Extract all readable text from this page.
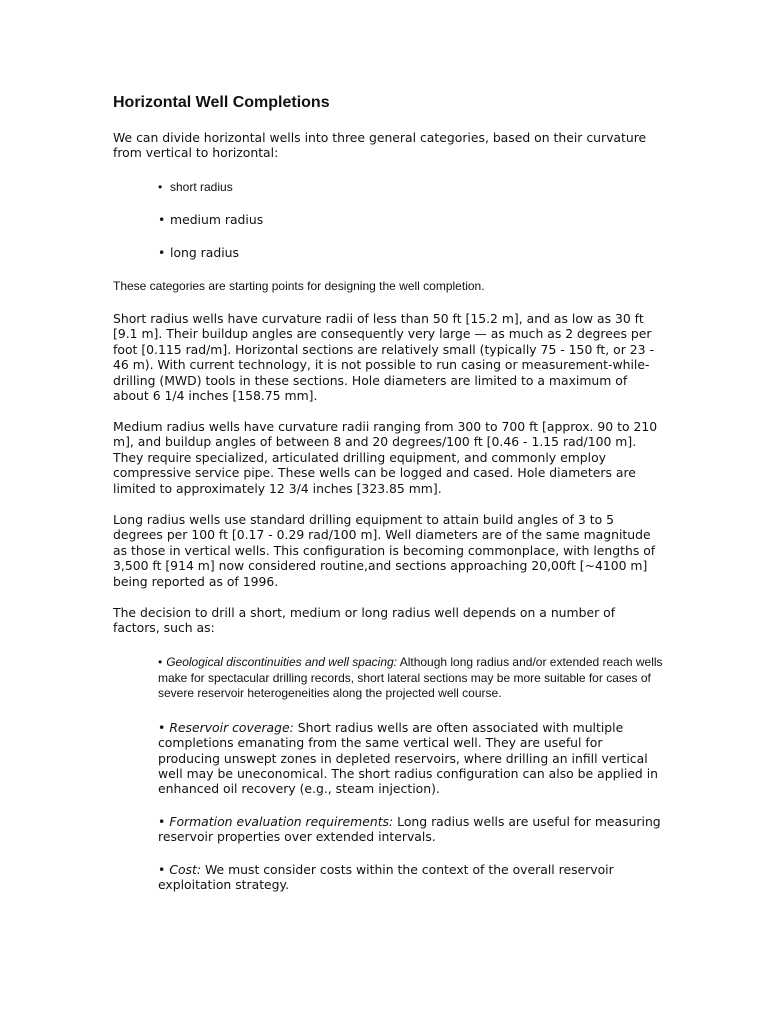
Horizontal Well Completions

We can divide horizontal wells into three general categories, based on their curvature from vertical to horizontal:

• short radius

• medium radius

• long radius

These categories are starting points for designing the well completion.

Short radius wells have curvature radii of less than 50 ft [15.2 m], and as low as 30 ft [9.1 m]. Their buildup angles are consequently very large — as much as 2 degrees per foot [0.115 rad/m]. Horizontal sections are relatively small (typically 75 - 150 ft, or 23 - 46 m). With current technology, it is not possible to run casing or measurement-while-drilling (MWD) tools in these sections. Hole diameters are limited to a maximum of about 6 1/4 inches [158.75 mm].

Medium radius wells have curvature radii ranging from 300 to 700 ft [approx. 90 to 210 m], and buildup angles of between 8 and 20 degrees/100 ft [0.46 - 1.15 rad/100 m]. They require specialized, articulated drilling equipment, and commonly employ compressive service pipe. These wells can be logged and cased. Hole diameters are limited to approximately 12 3/4 inches [323.85 mm].

Long radius wells use standard drilling equipment to attain build angles of 3 to 5 degrees per 100 ft [0.17 - 0.29 rad/100 m]. Well diameters are of the same magnitude as those in vertical wells. This configuration is becoming commonplace, with lengths of 3,500 ft [914 m] now considered routine,and sections approaching 20,00ft [~4100 m] being reported as of 1996.

The decision to drill a short, medium or long radius well depends on a number of factors, such as:

• Geological discontinuities and well spacing: Although long radius and/or extended reach wells make for spectacular drilling records, short lateral sections may be more suitable for cases of severe reservoir heterogeneities along the projected well course.

• Reservoir coverage: Short radius wells are often associated with multiple completions emanating from the same vertical well. They are useful for producing unswept zones in depleted reservoirs, where drilling an infill vertical well may be uneconomical. The short radius configuration can also be applied in enhanced oil recovery (e.g., steam injection).

• Formation evaluation requirements: Long radius wells are useful for measuring reservoir properties over extended intervals.

• Cost: We must consider costs within the context of the overall reservoir exploitation strategy.
